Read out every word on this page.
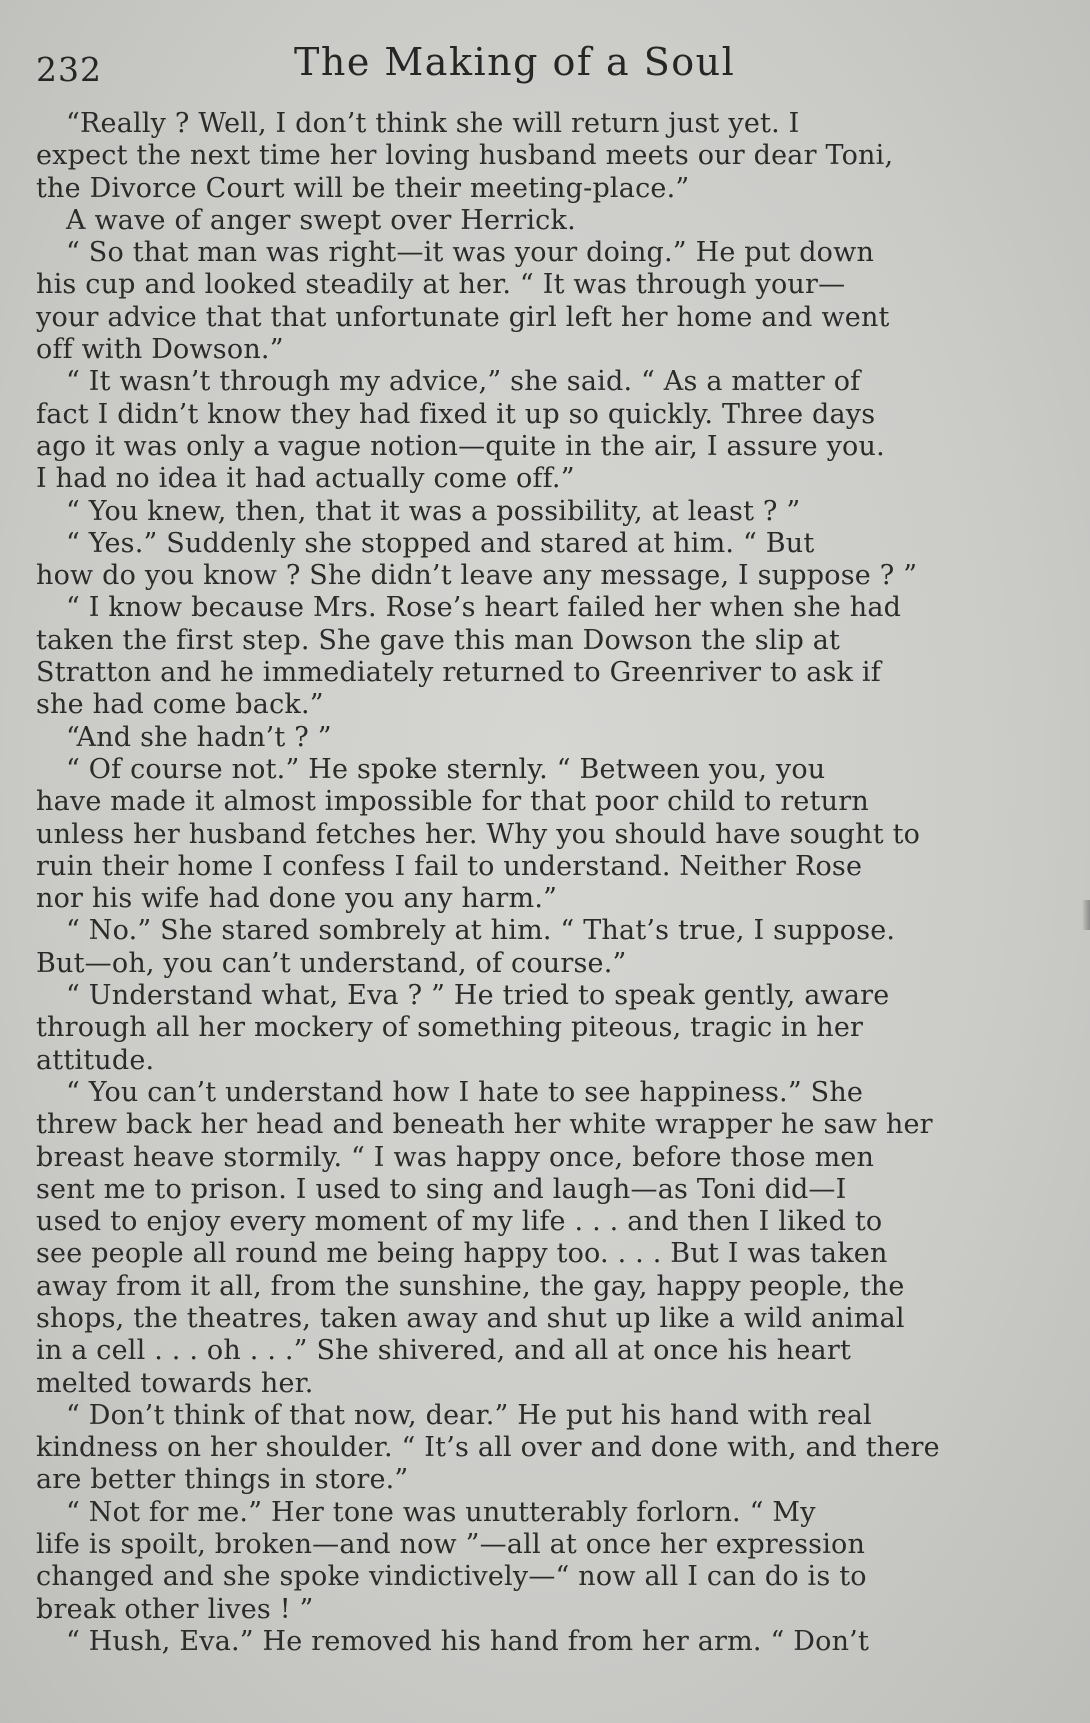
232	The Making of a Soul
“Really ? Well, I don’t think she will return just yet. I
expect the next time her loving husband meets our dear Toni,
the Divorce Court will be their meeting-place.”
A wave of anger swept over Herrick.
“ So that man was right—it was your doing.” He put down
his cup and looked steadily at her. “ It was through your—
your advice that that unfortunate girl left her home and went
off with Dowson.”
“ It wasn’t through my advice,” she said. “ As a matter of
fact I didn’t know they had fixed it up so quickly. Three days
ago it was only a vague notion—quite in the air, I assure you.
I had no idea it had actually come off.”
“ You knew, then, that it was a possibility, at least ? ”
“ Yes.” Suddenly she stopped and stared at him. “ But
how do you know ? She didn’t leave any message, I suppose ? ”
“ I know because Mrs. Rose’s heart failed her when she had
taken the first step. She gave this man Dowson the slip at
Stratton and he immediately returned to Greenriver to ask if
she had come back.”
“And she hadn’t ? ”
“ Of course not.” He spoke sternly. “ Between you, you
have made it almost impossible for that poor child to return
unless her husband fetches her. Why you should have sought to
ruin their home I confess I fail to understand. Neither Rose
nor his wife had done you any harm.”
“ No.” She stared sombrely at him. “ That’s true, I suppose.
But—oh, you can’t understand, of course.”
“ Understand what, Eva ? ” He tried to speak gently, aware
through all her mockery of something piteous, tragic in her
attitude.
“ You can’t understand how I hate to see happiness.” She
threw back her head and beneath her white wrapper he saw her
breast heave stormily. “ I was happy once, before those men
sent me to prison. I used to sing and laugh—as Toni did—I
used to enjoy every moment of my life . . . and then I liked to
see people all round me being happy too. . . . But I was taken
away from it all, from the sunshine, the gay, happy people, the
shops, the theatres, taken away and shut up like a wild animal
in a cell . . . oh . . .” She shivered, and all at once his heart
melted towards her.
“ Don’t think of that now, dear.” He put his hand with real
kindness on her shoulder. “ It’s all over and done with, and there
are better things in store.”
“ Not for me.” Her tone was unutterably forlorn. “ My
life is spoilt, broken—and now ”—all at once her expression
changed and she spoke vindictively—“ now all I can do is to
break other lives ! ”
“ Hush, Eva.” He removed his hand from her arm. “ Don’t
